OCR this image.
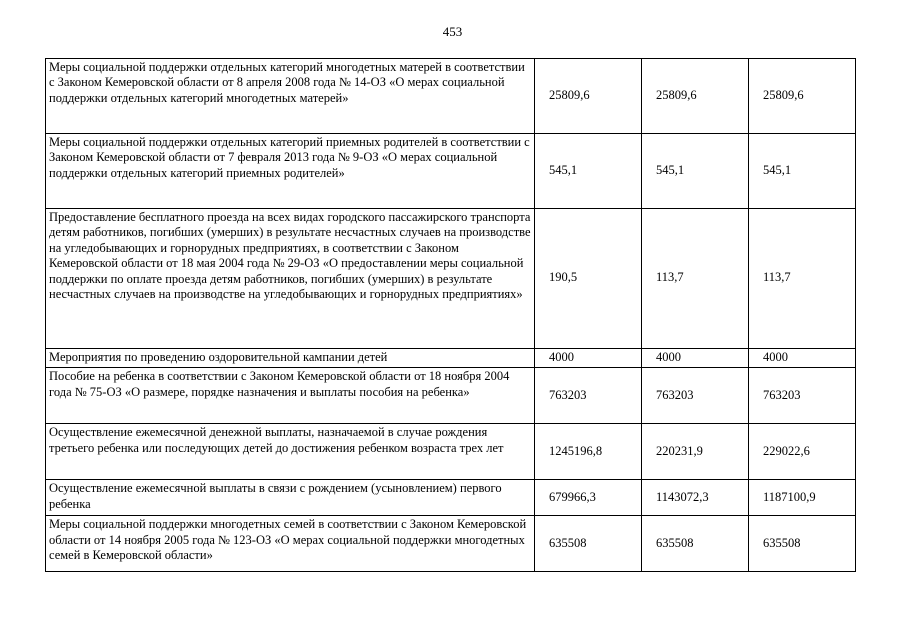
453
Меры социальной поддержки отдельных категорий многодетных матерей в соответствии с Законом Кемеровской области от 8 апреля 2008 года № 14-ОЗ «О мерах социальной поддержки отдельных категорий многодетных матерей»	25809,6	25809,6	25809,6
Меры социальной поддержки отдельных категорий приемных родителей в соответствии с Законом Кемеровской области от 7 февраля 2013 года № 9-ОЗ «О мерах социальной поддержки отдельных категорий приемных родителей»	545,1	545,1	545,1
Предоставление бесплатного проезда на всех видах городского пассажирского транспорта детям работников, погибших (умерших) в результате несчастных случаев на производстве на угледобывающих и горнорудных предприятиях, в соответствии с Законом Кемеровской области от 18 мая 2004 года № 29-ОЗ «О предоставлении меры социальной поддержки по оплате проезда детям работников, погибших (умерших) в результате несчастных случаев на производстве на угледобывающих и горнорудных предприятиях»	190,5	113,7	113,7
Мероприятия по проведению оздоровительной кампании детей	4000	4000	4000
Пособие на ребенка в соответствии с Законом Кемеровской области от 18 ноября 2004 года № 75-ОЗ «О размере, порядке назначения и выплаты пособия на ребенка»	763203	763203	763203
Осуществление ежемесячной денежной выплаты, назначаемой в случае рождения третьего ребенка или последующих детей до достижения ребенком возраста трех лет	1245196,8	220231,9	229022,6
Осуществление ежемесячной выплаты в связи с рождением (усыновлением) первого ребенка	679966,3	1143072,3	1187100,9
Меры социальной поддержки многодетных семей в соответствии с Законом Кемеровской области от 14 ноября 2005 года № 123-ОЗ «О мерах социальной поддержки многодетных семей в Кемеровской области»	635508	635508	635508
